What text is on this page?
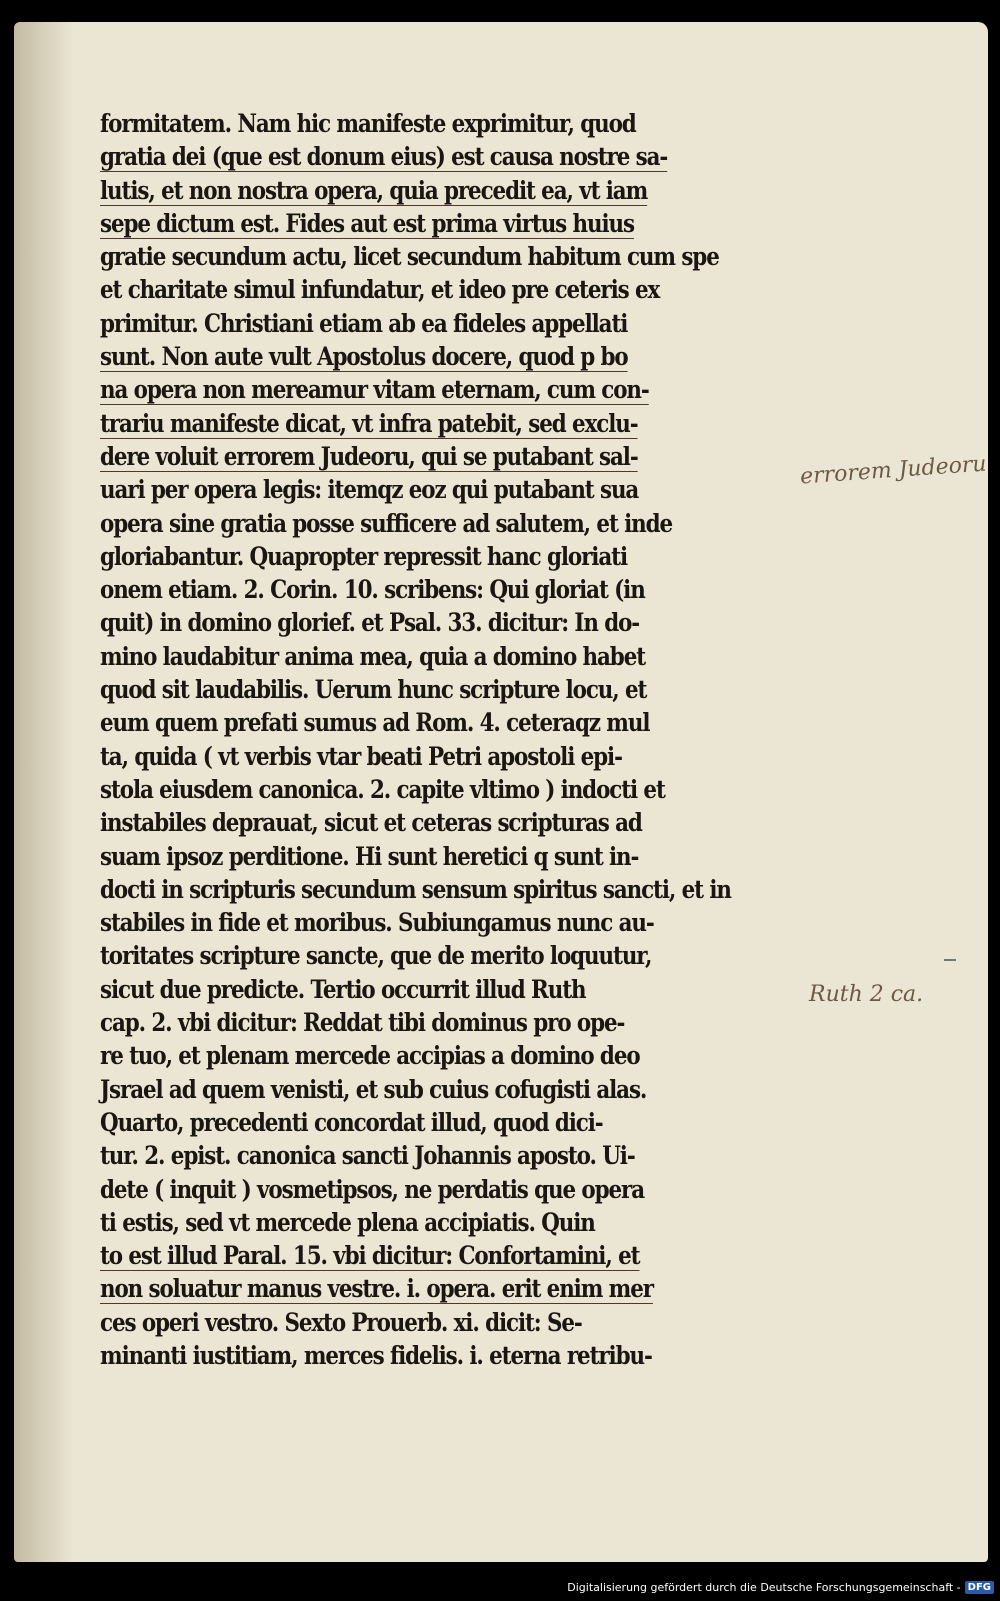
formitatem. Nam hic manifeste exprimitur, quod
gratia dei (que est donum eius) est causa nostre sa-
lutis, et non nostra opera, quia precedit ea, vt iam
sepe dictum est. Fides aut est prima virtus huius
gratie secundum actu, licet secundum habitum cum spe
et charitate simul infundatur, et ideo pre ceteris ex
primitur. Christiani etiam ab ea fideles appellati
sunt. Non aute vult Apostolus docere, quod p bo
na opera non mereamur vitam eternam, cum con-
trariu manifeste dicat, vt infra patebit, sed exclu-
dere voluit errorem Judeoru, qui se putabant sal-
uari per opera legis: itemqz eoz qui putabant sua
opera sine gratia posse sufficere ad salutem, et inde
gloriabantur. Quapropter repressit hanc gloriati
onem etiam. 2. Corin. 10. scribens: Qui gloriat (in
quit) in domino glorief. et Psal. 33. dicitur: In do-
mino laudabitur anima mea, quia a domino habet
quod sit laudabilis. Uerum hunc scripture locu, et
eum quem prefati sumus ad Rom. 4. ceteraqz mul
ta, quida ( vt verbis vtar beati Petri apostoli epi-
stola eiusdem canonica. 2. capite vltimo ) indocti et
instabiles deprauat, sicut et ceteras scripturas ad
suam ipsoz perditione. Hi sunt heretici q sunt in-
docti in scripturis secundum sensum spiritus sancti, et in
stabiles in fide et moribus. Subiungamus nunc au-
toritates scripture sancte, que de merito loquutur,
sicut due predicte. Tertio occurrit illud Ruth
cap. 2. vbi dicitur: Reddat tibi dominus pro ope-
re tuo, et plenam mercede accipias a domino deo
Jsrael ad quem venisti, et sub cuius cofugisti alas.
Quarto, precedenti concordat illud, quod dici-
tur. 2. epist. canonica sancti Johannis aposto. Ui-
dete ( inquit ) vosmetipsos, ne perdatis que opera
ti estis, sed vt mercede plena accipiatis. Quin
to est illud Paral. 15. vbi dicitur: Confortamini, et
non soluatur manus vestre. i. opera. erit enim mer
ces operi vestro. Sexto Prouerb. xi. dicit: Se-
minanti iustitiam, merces fidelis. i. eterna retribu-
errorem Judeoru
Ruth 2 ca.
Digitalisierung gefördert durch die Deutsche Forschungsgemeinschaft - DFG
